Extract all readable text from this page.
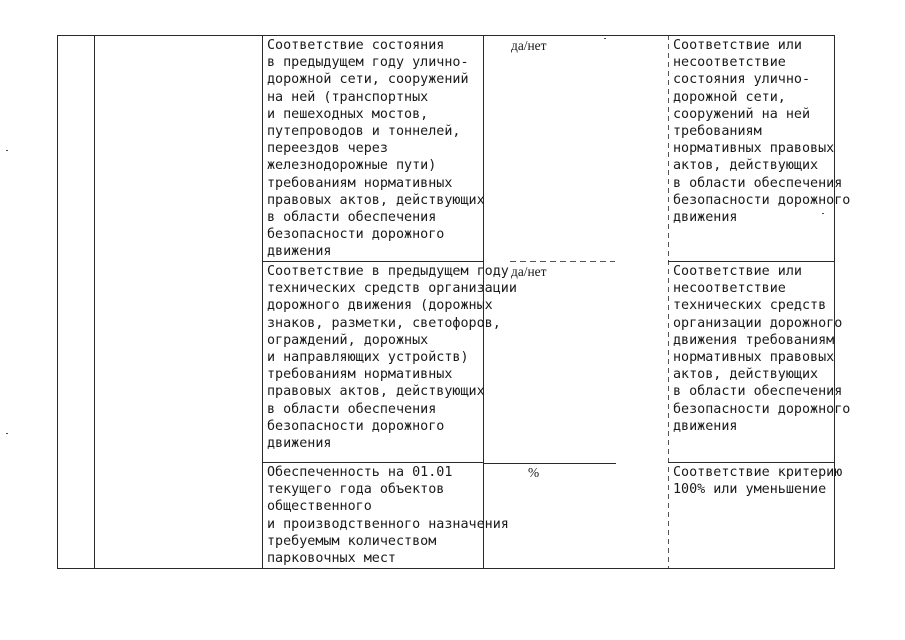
Соответствие состояния
в предыдущем году улично-
дорожной сети, сооружений
на ней (транспортных
и пешеходных мостов,
путепроводов и тоннелей,
переездов через
железнодорожные пути)
требованиям нормативных
правовых актов, действующих
в области обеспечения
безопасности дорожного
движения
да/нет	Соответствие или
несоответствие
состояния улично-
дорожной сети,
сооружений на ней
требованиям
нормативных правовых
актов, действующих
в области обеспечения
безопасности дорожного
движения
Соответствие в предыдущем году
технических средств организации
дорожного движения (дорожных
знаков, разметки, светофоров,
ограждений, дорожных
и направляющих устройств)
требованиям нормативных
правовых актов, действующих
в области обеспечения
безопасности дорожного
движения
да/нет	Соответствие или
несоответствие
технических средств
организации дорожного
движения требованиям
нормативных правовых
актов, действующих
в области обеспечения
безопасности дорожного
движения
Обеспеченность на 01.01
текущего года объектов
общественного
и производственного назначения
требуемым количеством
парковочных мест
%	Соответствие критерию
100% или уменьшение
